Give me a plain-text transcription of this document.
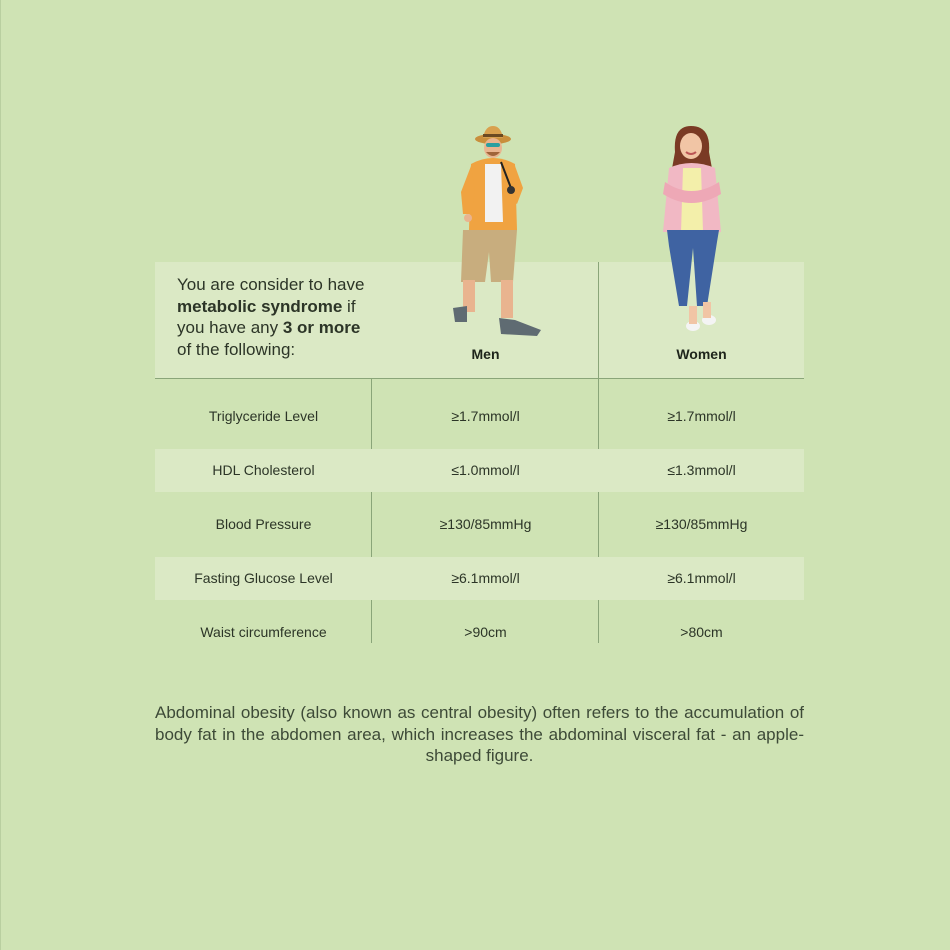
You are consider to have
metabolic syndrome if
you have any 3 or more
of the following:	Men	Women
Triglyceride Level	≥1.7mmol/l	≥1.7mmol/l
HDL Cholesterol	≤1.0mmol/l	≤1.3mmol/l
Blood Pressure	≥130/85mmHg	≥130/85mmHg
Fasting Glucose Level	≥6.1mmol/l	≥6.1mmol/l
Waist circumference	>90cm	>80cm
Abdominal obesity (also known as central obesity) often refers to the accumulation of body fat in the abdomen area, which increases the abdominal visceral fat - an apple-shaped figure.
